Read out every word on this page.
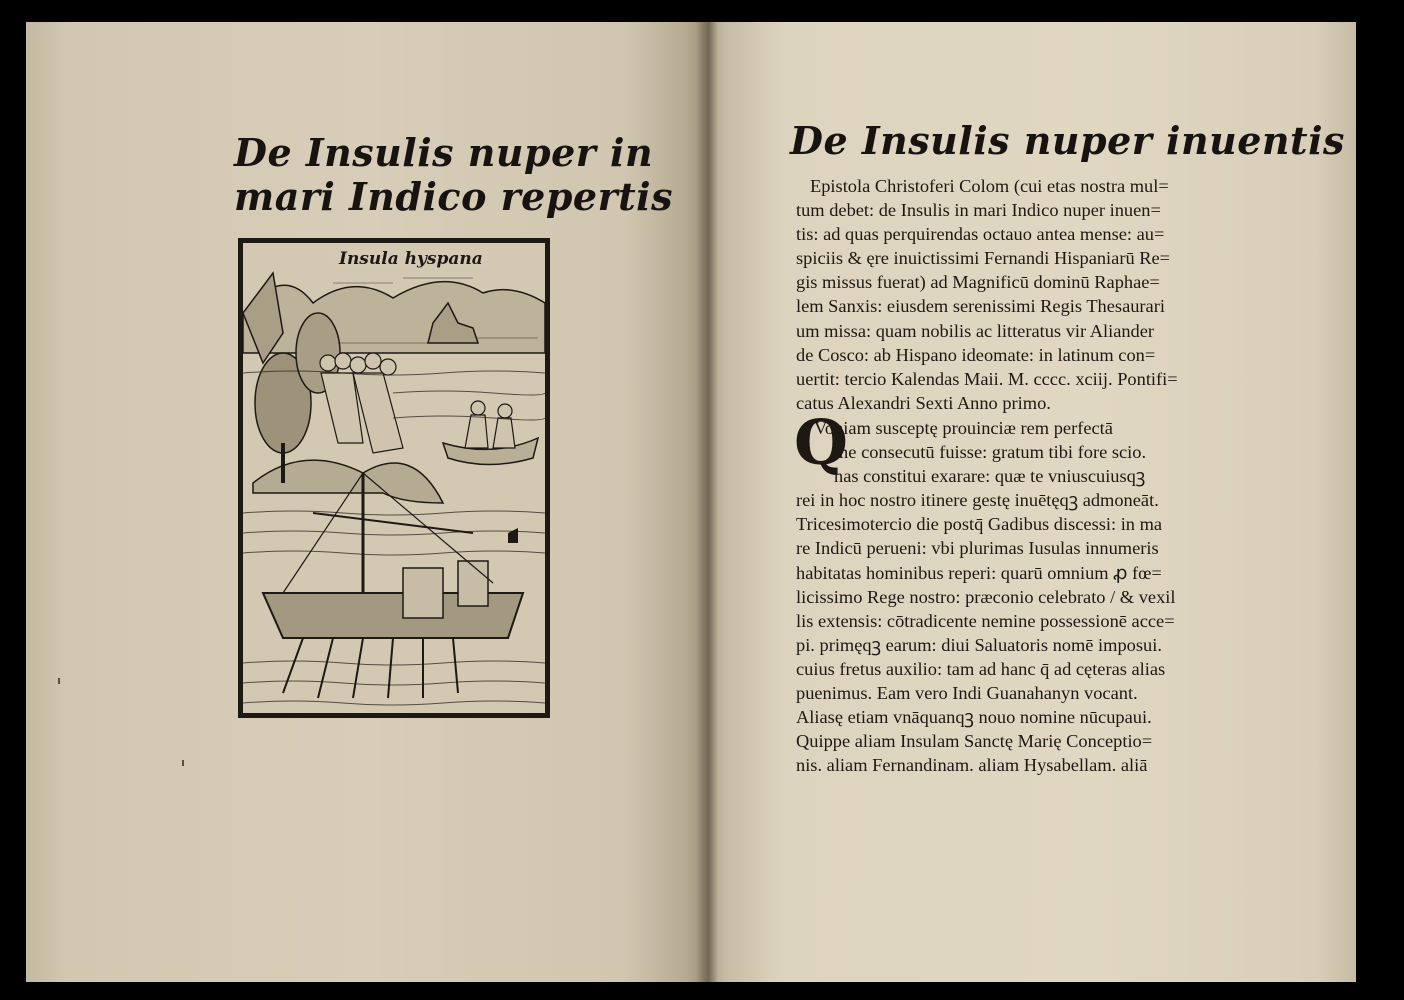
De Insulis nuper in
mari Indico repertis
Insula hyspana
De Insulis nuper inuentis
Epistola Christoferi Colom (cui etas nostra mul=
tum debet: de Insulis in mari Indico nuper inuen=
tis: ad quas perquirendas octauo antea mense: au=
spiciis & ęre inuictissimi Fernandi Hispaniarū Re=
gis missus fuerat) ad Magnificū dominū Raphae=
lem Sanxis: eiusdem serenissimi Regis Thesaurari
um missa: quam nobilis ac litteratus vir Aliander
de Cosco: ab Hispano ideomate: in latinum con=
uertit: tercio Kalendas Maii. M. cccc. xciij. Pontifi=
catus Alexandri Sexti Anno primo.
Q
Voniam susceptę prouinciæ rem perfectā
me consecutū fuisse: gratum tibi fore scio.
has constitui exarare: quæ te vniuscuiusqꝫ
rei in hoc nostro itinere gestę inuētęqꝫ admoneāt.
Tricesimotercio die postq̄ Gadibus discessi: in ma
re Indicū perueni: vbi plurimas Iusulas innumeris
habitatas hominibus reperi: quarū omnium ꝓ fœ=
licissimo Rege nostro: præconio celebrato / & vexil
lis extensis: cōtradicente nemine possessionē acce=
pi. primęqꝫ earum: diui Saluatoris nomē imposui.
cuius fretus auxilio: tam ad hanc q̄ ad cęteras alias
puenimus. Eam vero Indi Guanahanyn vocant.
Aliasę etiam vnāquanqꝫ nouo nomine nūcupaui.
Quippe aliam Insulam Sanctę Marię Conceptio=
nis. aliam Fernandinam. aliam Hysabellam. aliā
